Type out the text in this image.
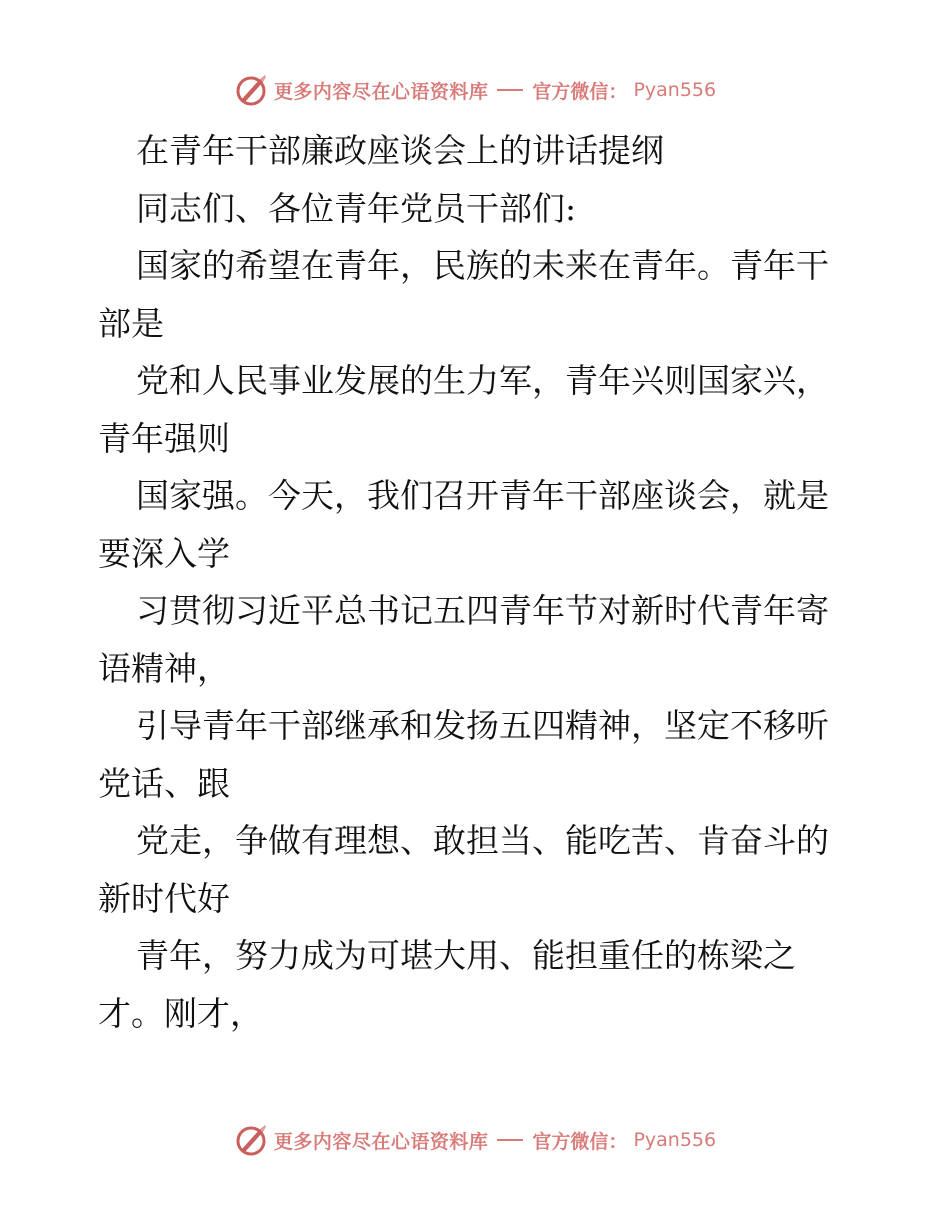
更多内容尽在心语资料库 官方微信： Pyan556
在青年干部廉政座谈会上的讲话提纲
同志们、各位青年党员干部们:
国家的希望在青年，民族的未来在青年。青年干
部是
党和人民事业发展的生力军，青年兴则国家兴，
青年强则
国家强。今天，我们召开青年干部座谈会，就是
要深入学
习贯彻习近平总书记五四青年节对新时代青年寄
语精神，
引导青年干部继承和发扬五四精神，坚定不移听
党话、跟
党走，争做有理想、敢担当、能吃苦、肯奋斗的
新时代好
青年，努力成为可堪大用、能担重任的栋梁之
才。刚才，
更多内容尽在心语资料库 官方微信： Pyan556
